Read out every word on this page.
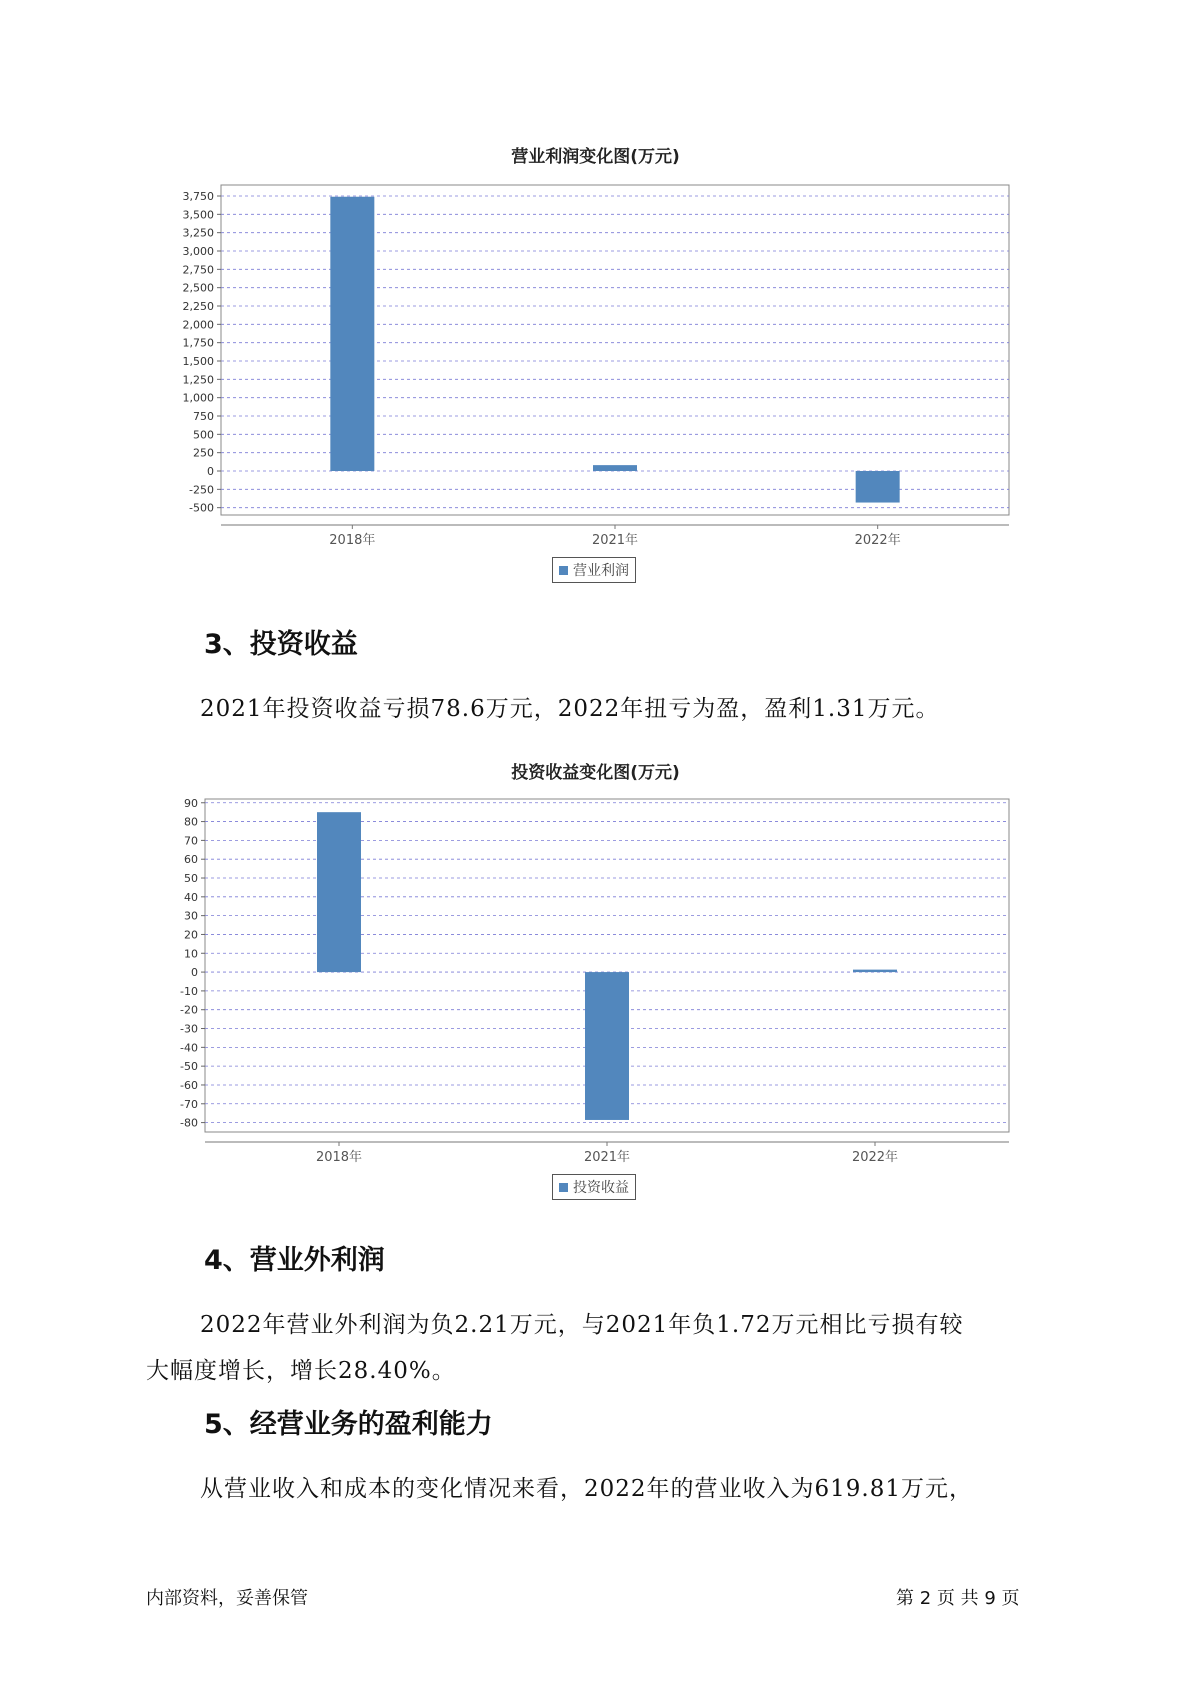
营业利润变化图(万元)
3,750
3,500
3,250
3,000
2,750
2,500
2,250
2,000
1,750
1,500
1,250
1,000
750
500
250
0
-250
-500
2018年	2021年	2022年
营业利润
3、投资收益
2021年投资收益亏损78.6万元，2022年扭亏为盈，盈利1.31万元。
投资收益变化图(万元)
90
80
70
60
50
40
30
20
10
0
-10
-20
-30
-40
-50
-60
-70
-80
2018年	2021年	2022年
投资收益
4、营业外利润
2022年营业外利润为负2.21万元，与2021年负1.72万元相比亏损有较
大幅度增长，增长28.40%。
5、经营业务的盈利能力
从营业收入和成本的变化情况来看，2022年的营业收入为619.81万元，
内部资料，妥善保管	第 2 页 共 9 页
